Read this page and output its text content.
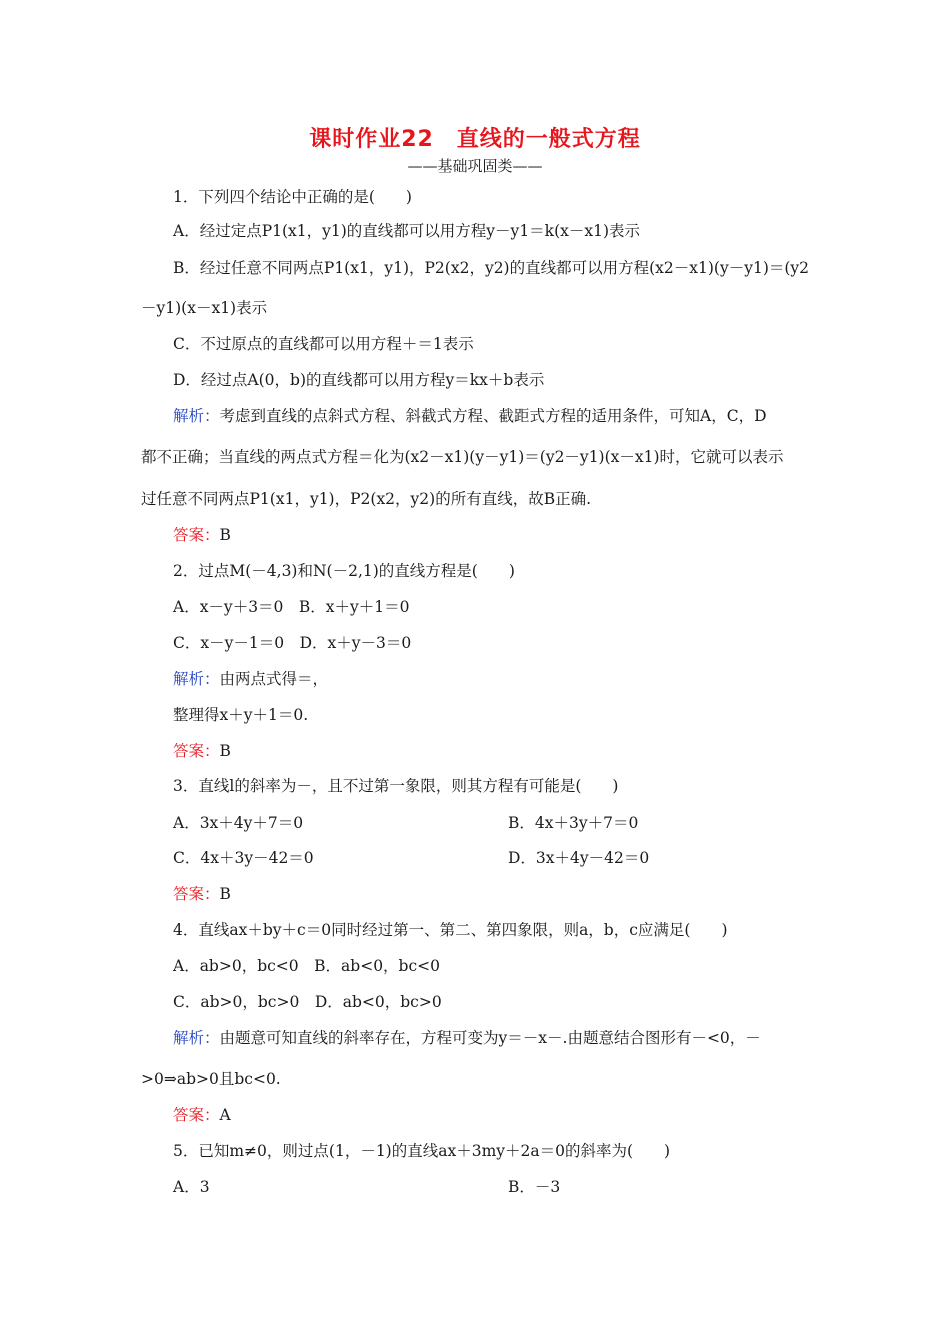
课时作业22　直线的一般式方程
——基础巩固类——
1．下列四个结论中正确的是(　　)
A．经过定点P1(x1，y1)的直线都可以用方程y－y1＝k(x－x1)表示
B．经过任意不同两点P1(x1，y1)，P2(x2，y2)的直线都可以用方程(x2－x1)(y－y1)＝(y2
－y1)(x－x1)表示
C．不过原点的直线都可以用方程＋＝1表示
D．经过点A(0，b)的直线都可以用方程y＝kx＋b表示
解析：考虑到直线的点斜式方程、斜截式方程、截距式方程的适用条件，可知A，C，D
都不正确；当直线的两点式方程＝化为(x2－x1)(y－y1)＝(y2－y1)(x－x1)时，它就可以表示
过任意不同两点P1(x1，y1)，P2(x2，y2)的所有直线，故B正确.
答案：B
2．过点M(－4,3)和N(－2,1)的直线方程是(　　)
A．x－y＋3＝0　B．x＋y＋1＝0
C．x－y－1＝0　D．x＋y－3＝0
解析：由两点式得＝，
整理得x＋y＋1＝0.
答案：B
3．直线l的斜率为－，且不过第一象限，则其方程有可能是(　　)
A．3x＋4y＋7＝0	B．4x＋3y＋7＝0
C．4x＋3y－42＝0	D．3x＋4y－42＝0
答案：B
4．直线ax＋by＋c＝0同时经过第一、第二、第四象限，则a，b，c应满足(　　)
A．ab>0，bc<0　B．ab<0，bc<0
C．ab>0，bc>0　D．ab<0，bc>0
解析：由题意可知直线的斜率存在，方程可变为y＝－x－.由题意结合图形有－<0，－
>0⇒ab>0且bc<0.
答案：A
5．已知m≠0，则过点(1，－1)的直线ax＋3my＋2a＝0的斜率为(　　)
A．3	B．－3
